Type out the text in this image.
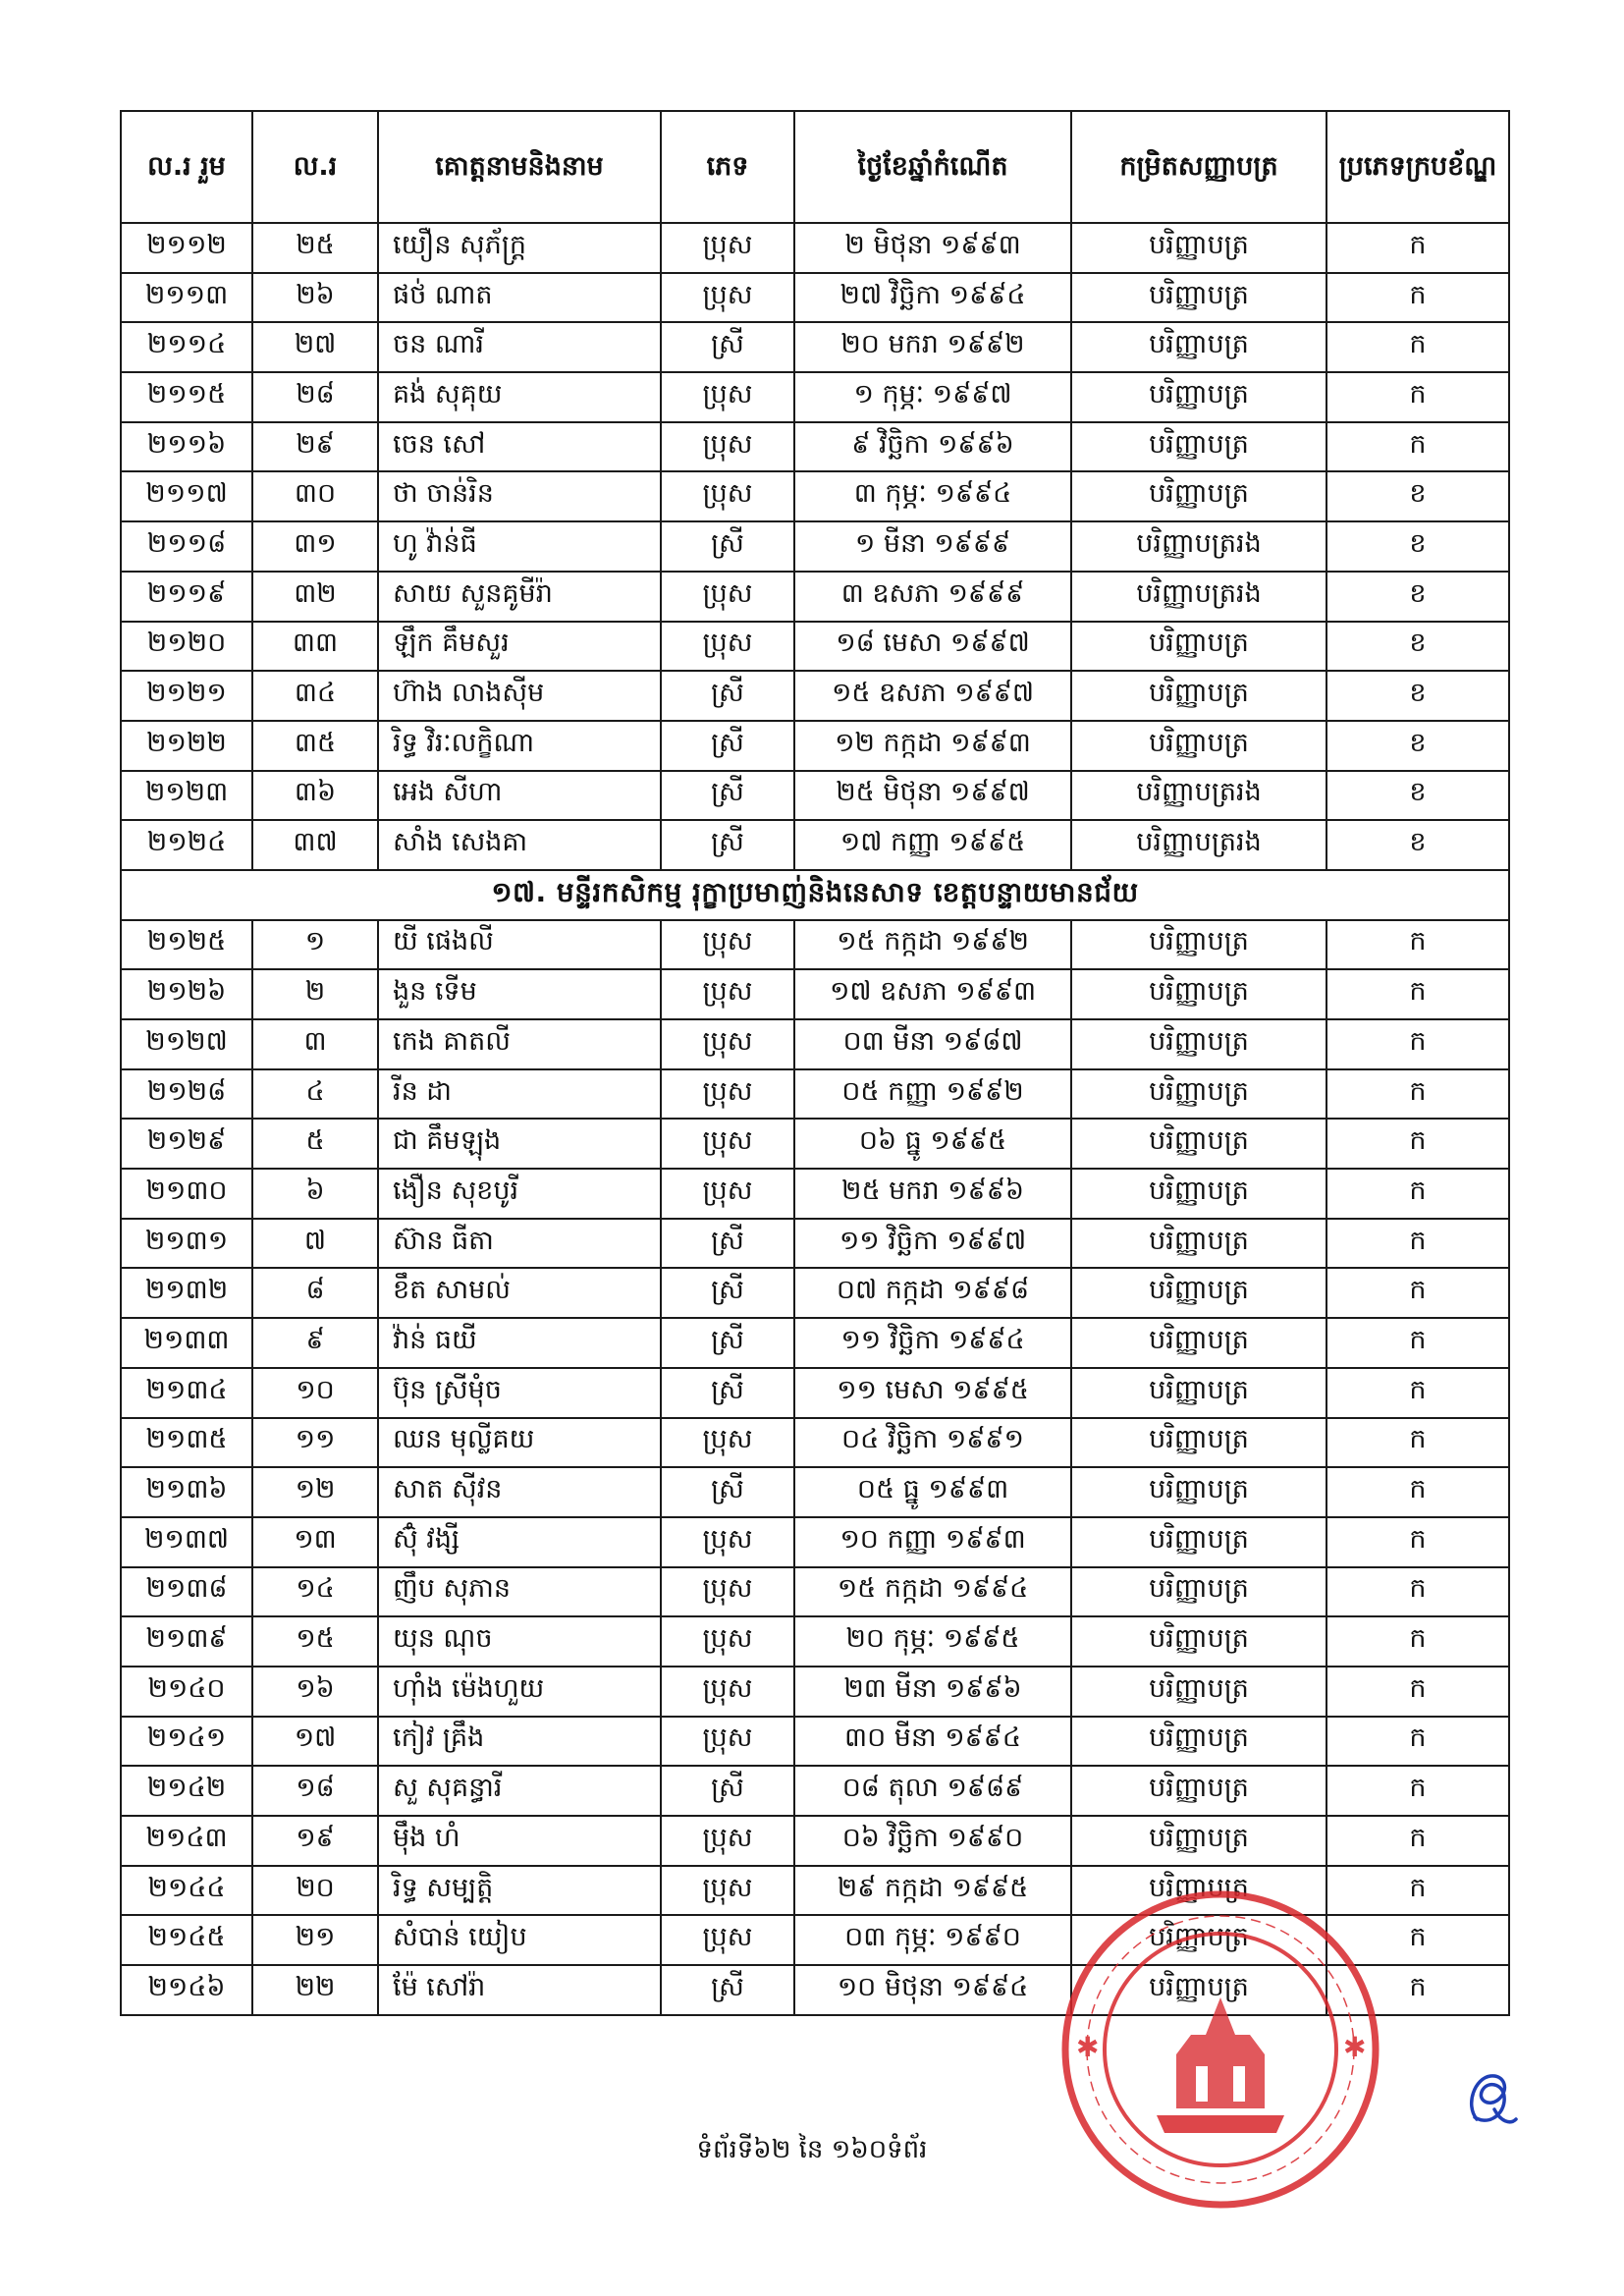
ល.រ រួម	ល.រ	គោត្តនាមនិងនាម	ភេទ	ថ្ងៃខែឆ្នាំកំណើត	កម្រិតសញ្ញាបត្រ	ប្រភេទក្របខ័ណ្ឌ
២១១២	២៥	យឿន សុភ័ក្ត្រ	ប្រុស	២ មិថុនា ១៩៩៣	បរិញ្ញាបត្រ	ក
២១១៣	២៦	ផថ់ ណាត	ប្រុស	២៧ វិច្ឆិកា ១៩៩៤	បរិញ្ញាបត្រ	ក
២១១៤	២៧	ចន ណារី	ស្រី	២០ មករា ១៩៩២	បរិញ្ញាបត្រ	ក
២១១៥	២៨	គង់ សុគុយ	ប្រុស	១ កុម្ភៈ ១៩៩៧	បរិញ្ញាបត្រ	ក
២១១៦	២៩	ចេន សៅ	ប្រុស	៩ វិច្ឆិកា ១៩៩៦	បរិញ្ញាបត្រ	ក
២១១៧	៣០	ថា ចាន់រិន	ប្រុស	៣ កុម្ភៈ ១៩៩៤	បរិញ្ញាបត្រ	ខ
២១១៨	៣១	ហូ វ៉ាន់ធី	ស្រី	១ មីនា ១៩៩៩	បរិញ្ញាបត្ររង	ខ
២១១៩	៣២	សាយ សួនគូមីរ៉ា	ប្រុស	៣ ឧសភា ១៩៩៩	បរិញ្ញាបត្ររង	ខ
២១២០	៣៣	ឡឹក គឹមសួរ	ប្រុស	១៨ មេសា ១៩៩៧	បរិញ្ញាបត្រ	ខ
២១២១	៣៤	ហ៊ាង លាងស៊ីម	ស្រី	១៥ ឧសភា ១៩៩៧	បរិញ្ញាបត្រ	ខ
២១២២	៣៥	រិទ្ធ វិរៈលក្ខិណា	ស្រី	១២ កក្កដា ១៩៩៣	បរិញ្ញាបត្រ	ខ
២១២៣	៣៦	អេង សីហា	ស្រី	២៥ មិថុនា ១៩៩៧	បរិញ្ញាបត្ររង	ខ
២១២៤	៣៧	សាំង សេងគា	ស្រី	១៧ កញ្ញា ១៩៩៥	បរិញ្ញាបត្ររង	ខ
១៧. មន្ទីរកសិកម្ម រុក្ខាប្រមាញ់និងនេសាទ ខេត្តបន្ទាយមានជ័យ						
២១២៥	១	យី ផេងលី	ប្រុស	១៥ កក្កដា ១៩៩២	បរិញ្ញាបត្រ	ក
២១២៦	២	ងួន ទើម	ប្រុស	១៧ ឧសភា ១៩៩៣	បរិញ្ញាបត្រ	ក
២១២៧	៣	កេង គាតលី	ប្រុស	០៣ មីនា ១៩៨៧	បរិញ្ញាបត្រ	ក
២១២៨	៤	រីន ដា	ប្រុស	០៥ កញ្ញា ១៩៩២	បរិញ្ញាបត្រ	ក
២១២៩	៥	ជា គឹមឡុង	ប្រុស	០៦ ធ្នូ ១៩៩៥	បរិញ្ញាបត្រ	ក
២១៣០	៦	ងឿន សុខបូរី	ប្រុស	២៥ មករា ១៩៩៦	បរិញ្ញាបត្រ	ក
២១៣១	៧	ស៊ាន ធីតា	ស្រី	១១ វិច្ឆិកា ១៩៩៧	បរិញ្ញាបត្រ	ក
២១៣២	៨	ខឹត សាមល់	ស្រី	០៧ កក្កដា ១៩៩៨	បរិញ្ញាបត្រ	ក
២១៣៣	៩	វ៉ាន់ ធយី	ស្រី	១១ វិច្ឆិកា ១៩៩៤	បរិញ្ញាបត្រ	ក
២១៣៤	១០	ប៊ុន ស្រីមុំច	ស្រី	១១ មេសា ១៩៩៥	បរិញ្ញាបត្រ	ក
២១៣៥	១១	ឈន មុល្លីគយ	ប្រុស	០៤ វិច្ឆិកា ១៩៩១	បរិញ្ញាបត្រ	ក
២១៣៦	១២	សាត ស៊ីវន	ស្រី	០៥ ធ្នូ ១៩៩៣	បរិញ្ញាបត្រ	ក
២១៣៧	១៣	ស៊ុំ វង្សី	ប្រុស	១០ កញ្ញា ១៩៩៣	បរិញ្ញាបត្រ	ក
២១៣៨	១៤	ញឹប សុភាន	ប្រុស	១៥ កក្កដា ១៩៩៤	បរិញ្ញាបត្រ	ក
២១៣៩	១៥	យុន ណុច	ប្រុស	២០ កុម្ភៈ ១៩៩៥	បរិញ្ញាបត្រ	ក
២១៤០	១៦	ហ៊ាំង ម៉េងហួយ	ប្រុស	២៣ មីនា ១៩៩៦	បរិញ្ញាបត្រ	ក
២១៤១	១៧	កៀវ គ្រឹង	ប្រុស	៣០ មីនា ១៩៩៤	បរិញ្ញាបត្រ	ក
២១៤២	១៨	សួ សុគន្ធារី	ស្រី	០៨ តុលា ១៩៨៩	បរិញ្ញាបត្រ	ក
២១៤៣	១៩	មុឹង ហំ	ប្រុស	០៦ វិច្ឆិកា ១៩៩០	បរិញ្ញាបត្រ	ក
២១៤៤	២០	រិទ្ធ សម្បត្តិ	ប្រុស	២៩ កក្កដា ១៩៩៥	បរិញ្ញាបត្រ	ក
២១៤៥	២១	សំបាន់ យៀប	ប្រុស	០៣ កុម្ភៈ ១៩៩០	បរិញ្ញាបត្រ	ក
២១៤៦	២២	ម៉ែ សៅរ៉ា	ស្រី	១០ មិថុនា ១៩៩៤	បរិញ្ញាបត្រ	ក
✱	✱
ទំព័រទី៦២ នៃ ១៦០ទំព័រ
